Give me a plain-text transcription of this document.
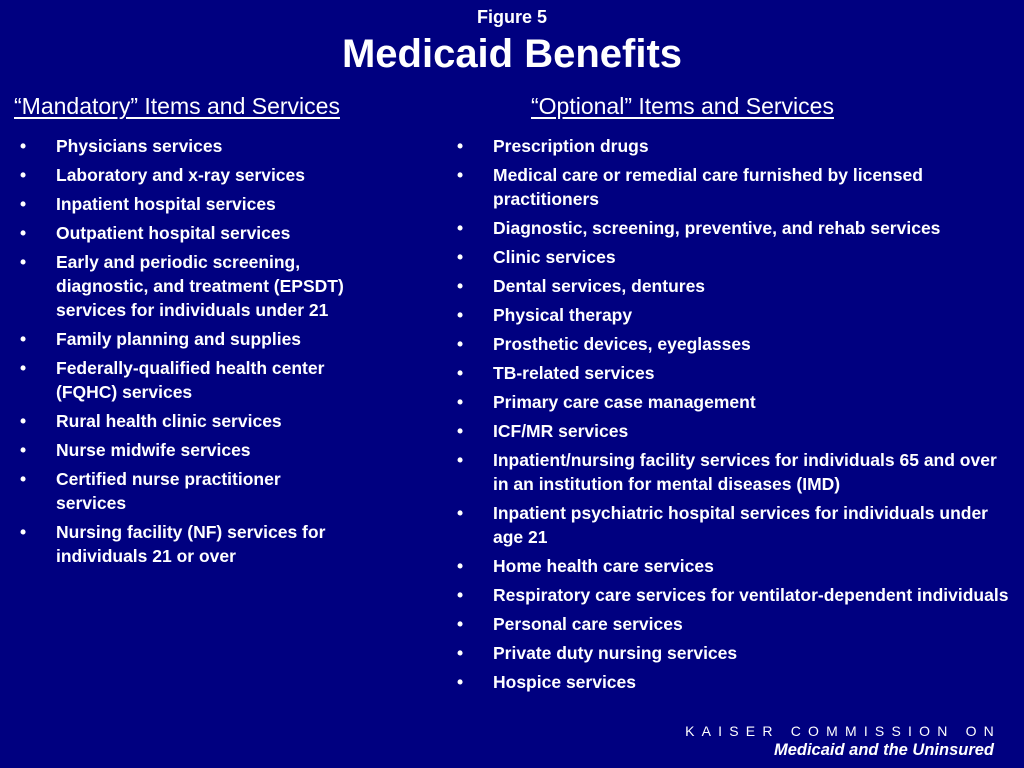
Figure 5
Medicaid Benefits
“Mandatory” Items and Services	“Optional” Items and Services
• Physicians services
• Laboratory and x-ray services
• Inpatient hospital services
• Outpatient hospital services
• Early and periodic screening, diagnostic, and treatment (EPSDT) services for individuals under 21
• Family planning and supplies
• Federally-qualified health center (FQHC) services
• Rural health clinic services
• Nurse midwife services
• Certified nurse practitioner services
• Nursing facility (NF) services for individuals 21 or over
• Prescription drugs
• Medical care or remedial care furnished by licensed practitioners
• Diagnostic, screening, preventive, and rehab services
• Clinic services
• Dental services, dentures
• Physical therapy
• Prosthetic devices, eyeglasses
• TB-related services
• Primary care case management
• ICF/MR services
• Inpatient/nursing facility services for individuals 65 and over in an institution for mental diseases (IMD)
• Inpatient psychiatric hospital services for individuals under age 21
• Home health care services
• Respiratory care services for ventilator-dependent individuals
• Personal care services
• Private duty nursing services
• Hospice services
KAISER COMMISSION ON
Medicaid and the Uninsured
